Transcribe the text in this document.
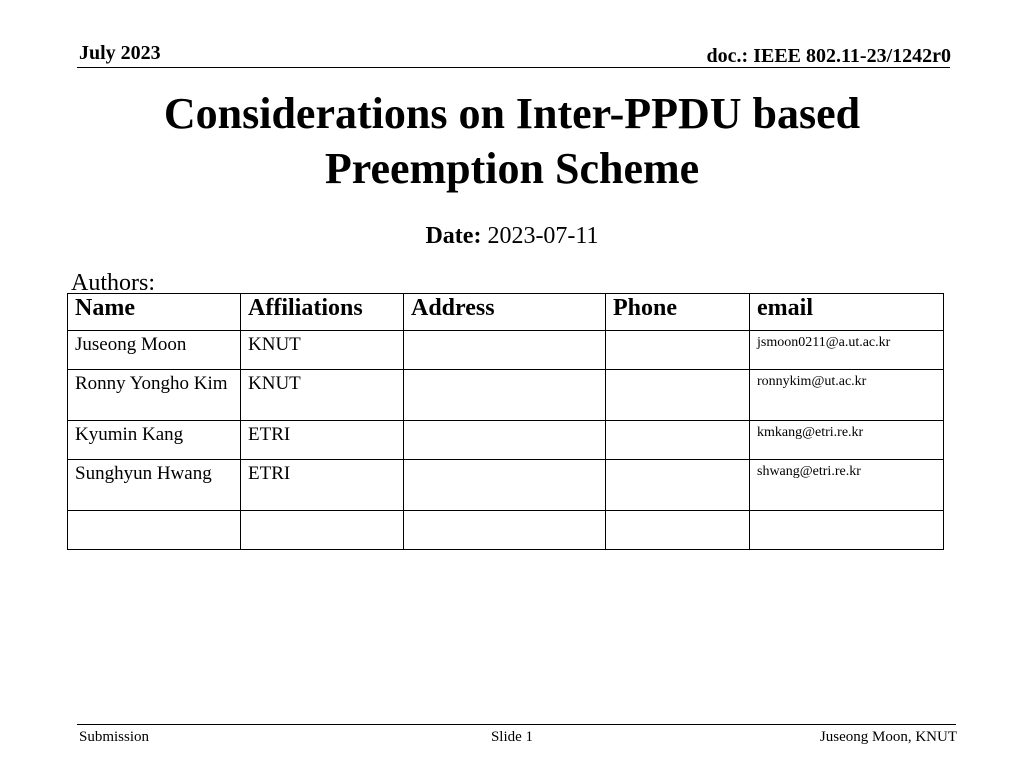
July 2023	doc.: IEEE 802.11-23/1242r0
Considerations on Inter-PPDU based
Preemption Scheme
Date: 2023-07-11
Authors:
Name	Affiliations	Address	Phone	email
Juseong Moon	KNUT			jsmoon0211@a.ut.ac.kr
Ronny Yongho Kim	KNUT			ronnykim@ut.ac.kr
Kyumin Kang	ETRI			kmkang@etri.re.kr
Sunghyun Hwang	ETRI			shwang@etri.re.kr

Submission	Slide 1	Juseong Moon, KNUT
